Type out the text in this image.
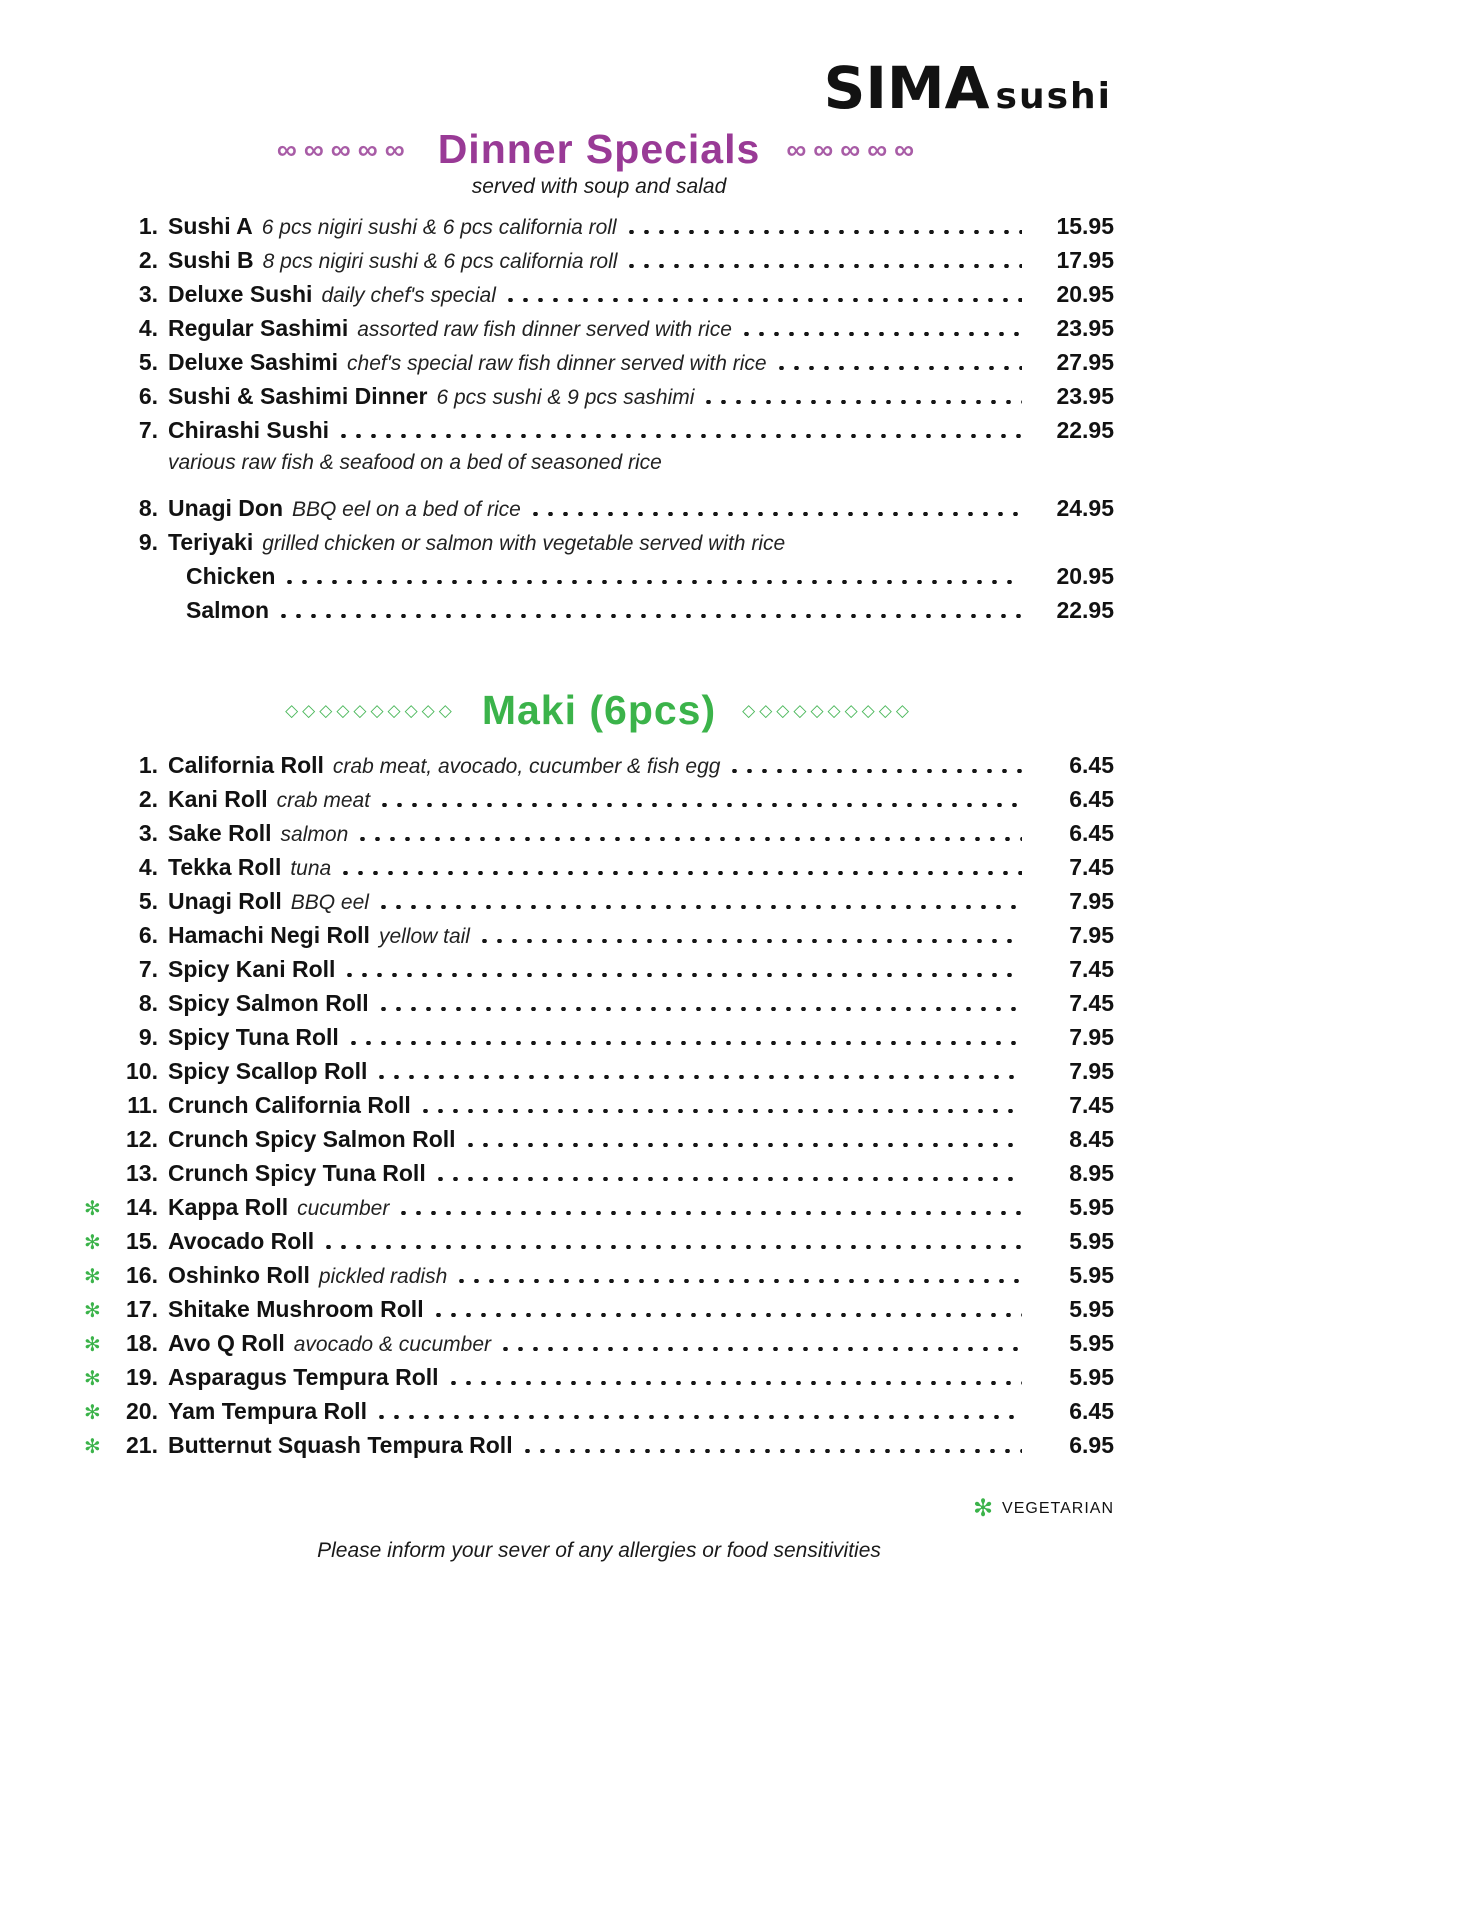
SIMA sushi
∞∞∞∞∞ Dinner Specials ∞∞∞∞∞
served with soup and salad
1. Sushi A 6 pcs nigiri sushi & 6 pcs california roll	15.95
2. Sushi B 8 pcs nigiri sushi & 6 pcs california roll	17.95
3. Deluxe Sushi daily chef's special	20.95
4. Regular Sashimi assorted raw fish dinner served with rice	23.95
5. Deluxe Sashimi chef's special raw fish dinner served with rice	27.95
6. Sushi & Sashimi Dinner 6 pcs sushi & 9 pcs sashimi	23.95
7. Chirashi Sushi	22.95
various raw fish & seafood on a bed of seasoned rice
8. Unagi Don BBQ eel on a bed of rice	24.95
9. Teriyaki grilled chicken or salmon with vegetable served with rice
Chicken	20.95
Salmon	22.95
◇◇◇◇◇◇◇◇◇◇ Maki (6pcs) ◇◇◇◇◇◇◇◇◇◇
1. California Roll crab meat, avocado, cucumber & fish egg	6.45
2. Kani Roll crab meat	6.45
3. Sake Roll salmon	6.45
4. Tekka Roll tuna	7.45
5. Unagi Roll BBQ eel	7.95
6. Hamachi Negi Roll yellow tail	7.95
7. Spicy Kani Roll	7.45
8. Spicy Salmon Roll	7.45
9. Spicy Tuna Roll	7.95
10. Spicy Scallop Roll	7.95
11. Crunch California Roll	7.45
12. Crunch Spicy Salmon Roll	8.45
13. Crunch Spicy Tuna Roll	8.95
✻	14. Kappa Roll cucumber	5.95
✻	15. Avocado Roll	5.95
✻	16. Oshinko Roll pickled radish	5.95
✻	17. Shitake Mushroom Roll	5.95
✻	18. Avo Q Roll avocado & cucumber	5.95
✻	19. Asparagus Tempura Roll	5.95
✻	20. Yam Tempura Roll	6.45
✻	21. Butternut Squash Tempura Roll	6.95
✻ VEGETARIAN
Please inform your sever of any allergies or food sensitivities
